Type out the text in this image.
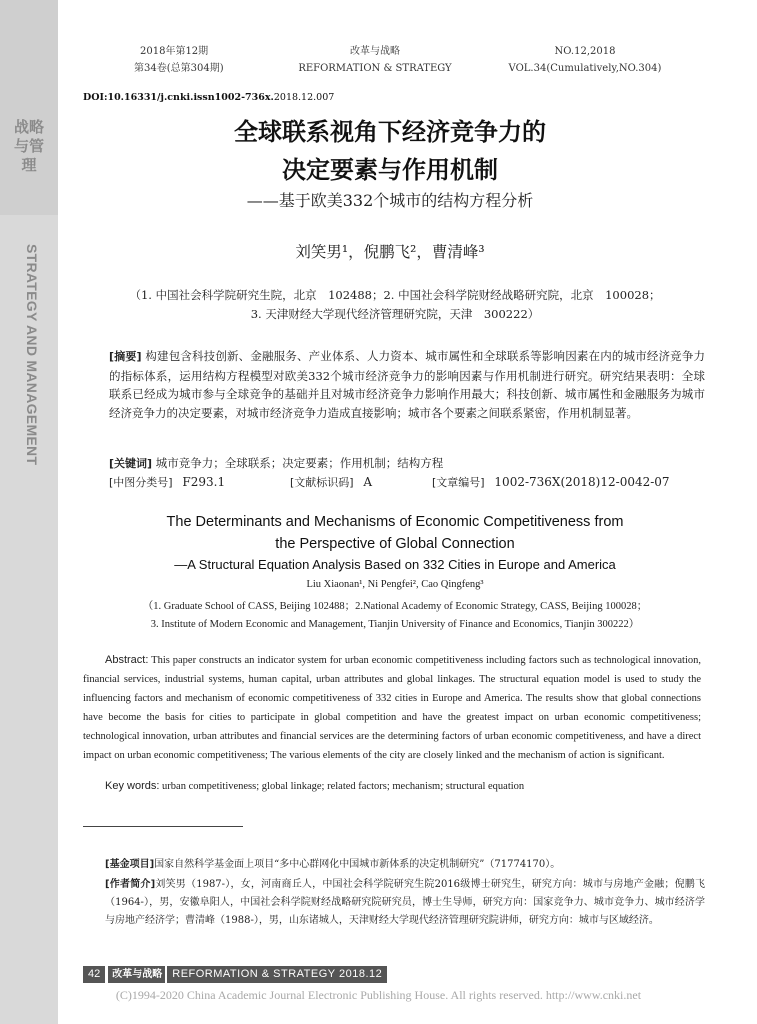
战略与管理
STRATEGY AND MANAGEMENT
2018年第12期
第34卷(总第304期)
改革与战略
REFORMATION & STRATEGY
NO.12,2018
VOL.34(Cumulatively,NO.304)
DOI:10.16331/j.cnki.issn1002-736x.2018.12.007
全球联系视角下经济竞争力的
决定要素与作用机制
——基于欧美332个城市的结构方程分析
刘笑男¹，倪鹏飞²，曹清峰³
（1. 中国社会科学院研究生院，北京　102488；2. 中国社会科学院财经战略研究院，北京　100028；
3. 天津财经大学现代经济管理研究院，天津　300222）
[摘要] 构建包含科技创新、金融服务、产业体系、人力资本、城市属性和全球联系等影响因素在内的城市经济竞争力的指标体系，运用结构方程模型对欧美332个城市经济竞争力的影响因素与作用机制进行研究。研究结果表明：全球联系已经成为城市参与全球竞争的基础并且对城市经济竞争力影响作用最大；科技创新、城市属性和金融服务为城市经济竞争力的决定要素，对城市经济竞争力造成直接影响；城市各个要素之间联系紧密，作用机制显著。
[关键词] 城市竞争力；全球联系；决定要素；作用机制；结构方程
[中图分类号] F293.1	[文献标识码] A	[文章编号] 1002-736X(2018)12-0042-07
The Determinants and Mechanisms of Economic Competitiveness from
the Perspective of Global Connection
—A Structural Equation Analysis Based on 332 Cities in Europe and America
Liu Xiaonan¹, Ni Pengfei², Cao Qingfeng³
（1. Graduate School of CASS, Beijing 102488；2.National Academy of Economic Strategy, CASS, Beijing 100028；
3. Institute of Modern Economic and Management, Tianjin University of Finance and Economics, Tianjin 300222）
Abstract: This paper constructs an indicator system for urban economic competitiveness including factors such as technological innovation, financial services, industrial systems, human capital, urban attributes and global linkages. The structural equation model is used to study the influencing factors and mechanism of economic competitiveness of 332 cities in Europe and America. The results show that global connections have become the basis for cities to participate in global competition and have the greatest impact on urban economic competitiveness; technological innovation, urban attributes and financial services are the determining factors of urban economic competitiveness, and have a direct impact on urban economic competitiveness; The various elements of the city are closely linked and the mechanism of action is significant.
Key words: urban competitiveness; global linkage; related factors; mechanism; structural equation
[基金项目]国家自然科学基金面上项目“多中心群网化中国城市新体系的决定机制研究”（71774170）。
[作者简介]刘笑男（1987-），女，河南商丘人，中国社会科学院研究生院2016级博士研究生，研究方向：城市与房地产金融；倪鹏飞（1964-），男，安徽阜阳人，中国社会科学院财经战略研究院研究员，博士生导师，研究方向：国家竞争力、城市竞争力、城市经济学与房地产经济学；曹清峰（1988-），男，山东诸城人，天津财经大学现代经济管理研究院讲师，研究方向：城市与区域经济。
42	改革与战略 REFORMATION & STRATEGY 2018.12
(C)1994-2020 China Academic Journal Electronic Publishing House. All rights reserved. http://www.cnki.net
